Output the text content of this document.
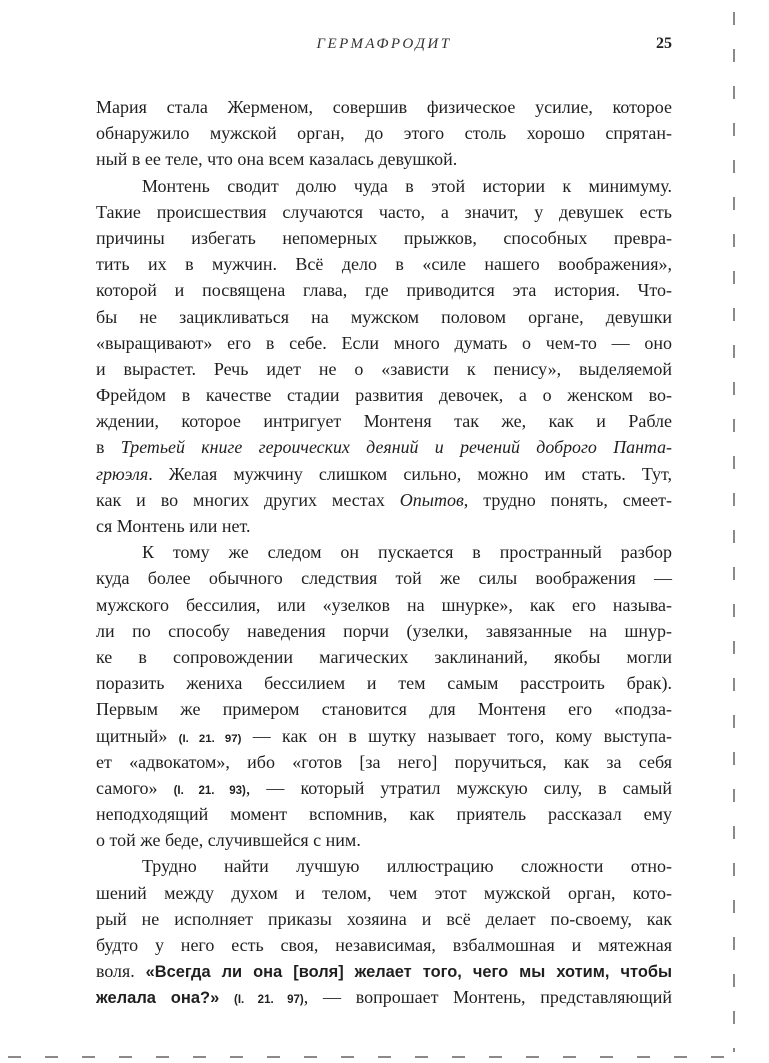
ГЕРМАФРОДИТ	25
Мария стала Жерменом, совершив физическое усилие, которое
обнаружило мужской орган, до этого столь хорошо спрятан-
ный в ее теле, что она всем казалась девушкой.
Монтень сводит долю чуда в этой истории к минимуму.
Такие происшествия случаются часто, а значит, у девушек есть
причины избегать непомерных прыжков, способных превра-
тить их в мужчин. Всё дело в «силе нашего воображения»,
которой и посвящена глава, где приводится эта история. Что-
бы не зацикливаться на мужском половом органе, девушки
«выращивают» его в себе. Если много думать о чем-то — оно
и вырастет. Речь идет не о «зависти к пенису», выделяемой
Фрейдом в качестве стадии развития девочек, а о женском во-
ждении, которое интригует Монтеня так же, как и Рабле
в Третьей книге героических деяний и речений доброго Панта-
грюэля. Желая мужчину слишком сильно, можно им стать. Тут,
как и во многих других местах Опытов, трудно понять, смеет-
ся Монтень или нет.
К тому же следом он пускается в пространный разбор
куда более обычного следствия той же силы воображения —
мужского бессилия, или «узелков на шнурке», как его называ-
ли по способу наведения порчи (узелки, завязанные на шнур-
ке в сопровождении магических заклинаний, якобы могли
поразить жениха бессилием и тем самым расстроить брак).
Первым же примером становится для Монтеня его «подза-
щитный» (I. 21. 97) — как он в шутку называет того, кому выступа-
ет «адвокатом», ибо «готов [за него] поручиться, как за себя
самого» (I. 21. 93), — который утратил мужскую силу, в самый
неподходящий момент вспомнив, как приятель рассказал ему
о той же беде, случившейся с ним.
Трудно найти лучшую иллюстрацию сложности отно-
шений между духом и телом, чем этот мужской орган, кото-
рый не исполняет приказы хозяина и всё делает по-своему, как
будто у него есть своя, независимая, взбалмошная и мятежная
воля. «Всегда ли она [воля] желает того, чего мы хотим, чтобы
желала она?» (I. 21. 97), — вопрошает Монтень, представляющий
